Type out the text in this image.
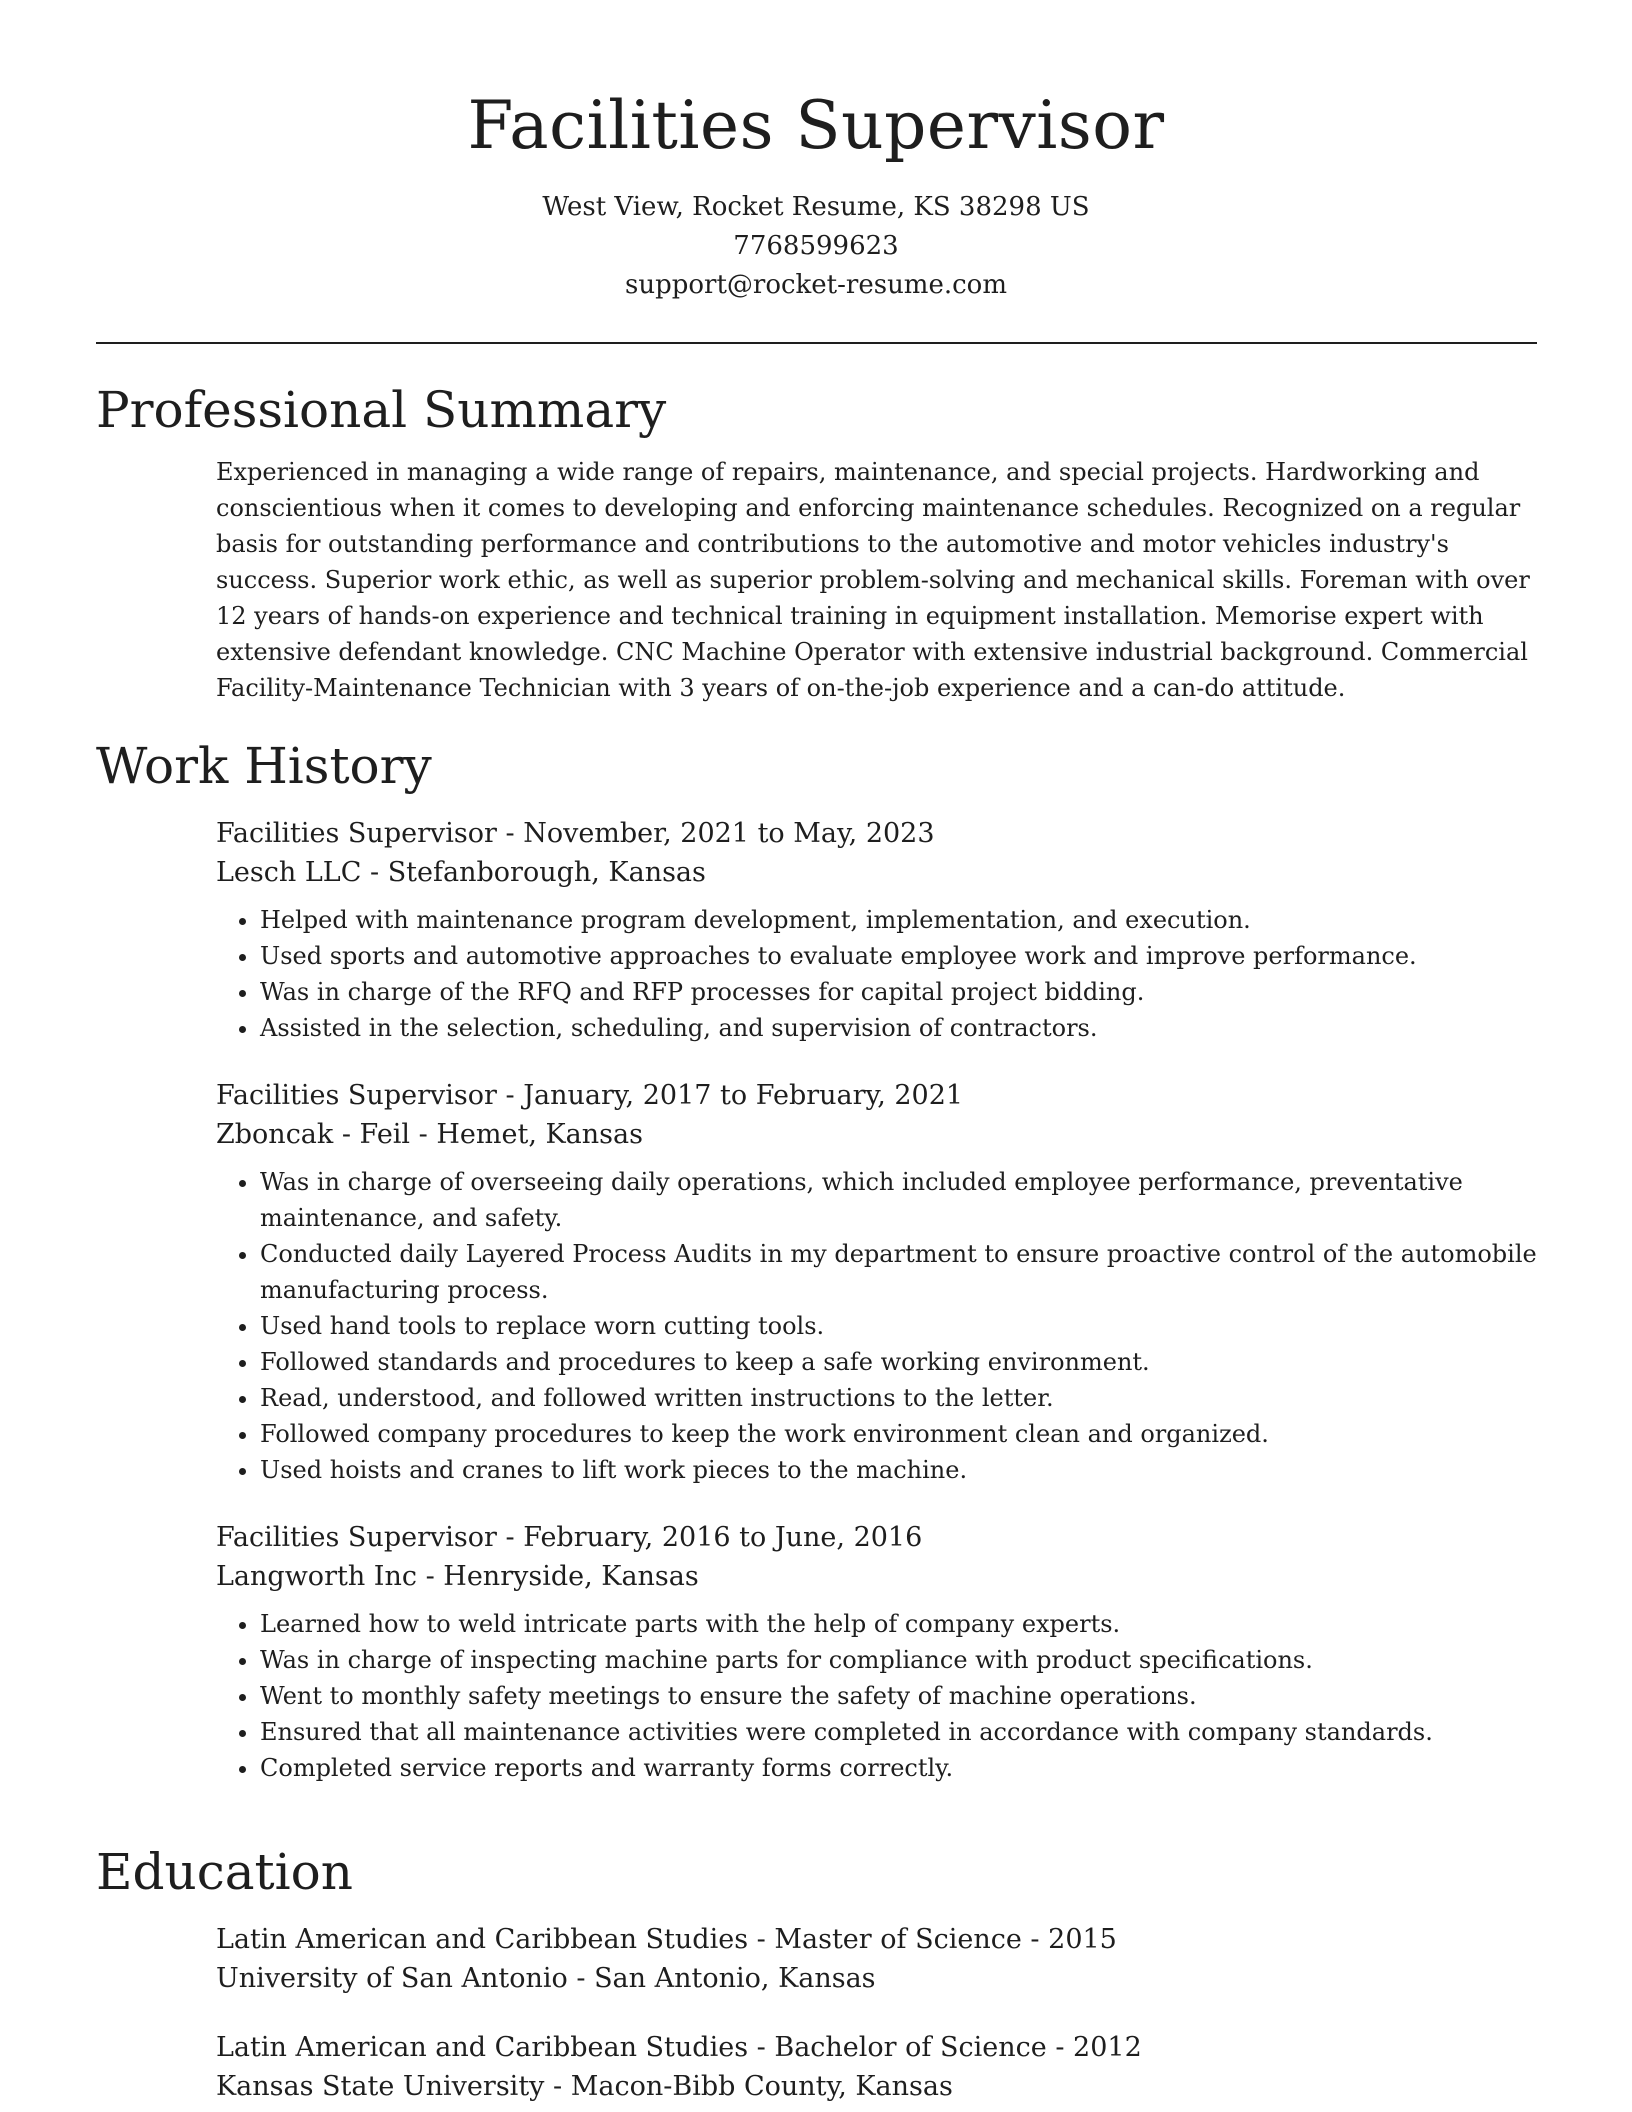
Facilities Supervisor
West View, Rocket Resume, KS 38298 US
7768599623
support@rocket-resume.com
Professional Summary

Experienced in managing a wide range of repairs, maintenance, and special projects. Hardworking and conscientious when it comes to developing and enforcing maintenance schedules. Recognized on a regular basis for outstanding performance and contributions to the automotive and motor vehicles industry's success. Superior work ethic, as well as superior problem-solving and mechanical skills. Foreman with over 12 years of hands-on experience and technical training in equipment installation. Memorise expert with extensive defendant knowledge. CNC Machine Operator with extensive industrial background. Commercial Facility-Maintenance Technician with 3 years of on-the-job experience and a can-do attitude.

Work History
Facilities Supervisor - November, 2021 to May, 2023
Lesch LLC - Stefanborough, Kansas
• Helped with maintenance program development, implementation, and execution.
• Used sports and automotive approaches to evaluate employee work and improve performance.
• Was in charge of the RFQ and RFP processes for capital project bidding.
• Assisted in the selection, scheduling, and supervision of contractors.
Facilities Supervisor - January, 2017 to February, 2021
Zboncak - Feil - Hemet, Kansas
• Was in charge of overseeing daily operations, which included employee performance, preventative maintenance, and safety.
• Conducted daily Layered Process Audits in my department to ensure proactive control of the automobile manufacturing process.
• Used hand tools to replace worn cutting tools.
• Followed standards and procedures to keep a safe working environment.
• Read, understood, and followed written instructions to the letter.
• Followed company procedures to keep the work environment clean and organized.
• Used hoists and cranes to lift work pieces to the machine.
Facilities Supervisor - February, 2016 to June, 2016
Langworth Inc - Henryside, Kansas
• Learned how to weld intricate parts with the help of company experts.
• Was in charge of inspecting machine parts for compliance with product specifications.
• Went to monthly safety meetings to ensure the safety of machine operations.
• Ensured that all maintenance activities were completed in accordance with company standards.
• Completed service reports and warranty forms correctly.
Education
Latin American and Caribbean Studies - Master of Science - 2015
University of San Antonio - San Antonio, Kansas
Latin American and Caribbean Studies - Bachelor of Science - 2012
Kansas State University - Macon-Bibb County, Kansas
